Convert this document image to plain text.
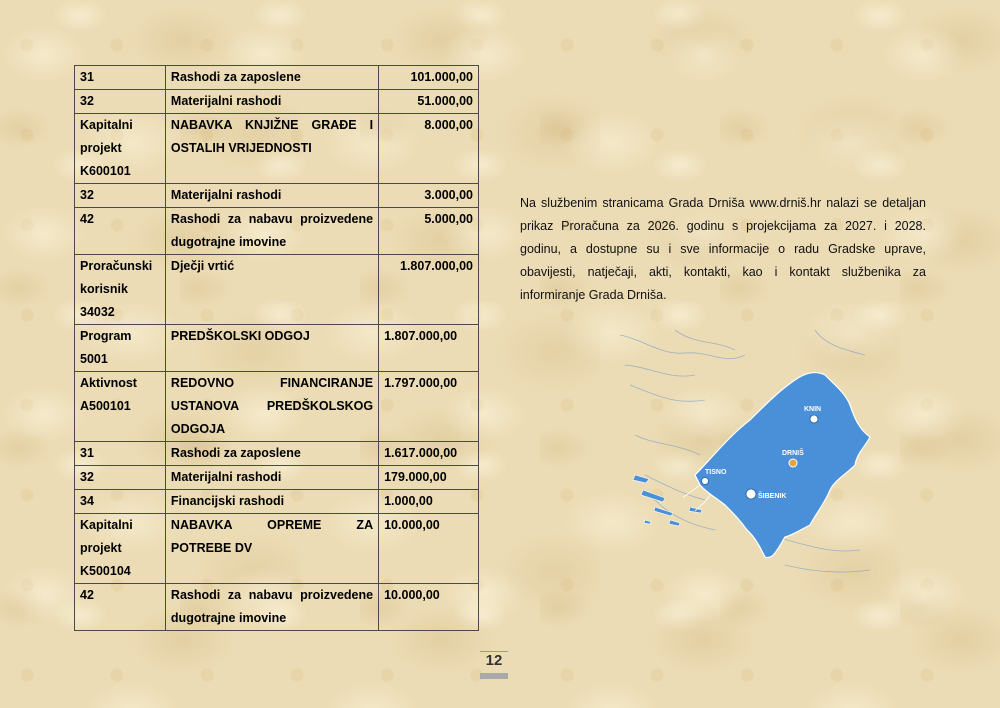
31	Rashodi za zaposlene	101.000,00
32	Materijalni rashodi	51.000,00
Kapitalni projekt K600101	NABAVKA KNJIŽNE GRAĐE I OSTALIH VRIJEDNOSTI	8.000,00
32	Materijalni rashodi	3.000,00
42	Rashodi za nabavu proizvedene dugotrajne imovine	5.000,00
Proračunski korisnik 34032	Dječji vrtić	1.807.000,00
Program 5001	PREDŠKOLSKI ODGOJ	1.807.000,00
Aktivnost A500101	REDOVNO FINANCIRANJE USTANOVA PREDŠKOLSKOG ODGOJA	1.797.000,00
31	Rashodi za zaposlene	1.617.000,00
32	Materijalni rashodi	179.000,00
34	Financijski rashodi	1.000,00
Kapitalni projekt K500104	NABAVKA OPREME ZA POTREBE DV	10.000,00
42	Rashodi za nabavu proizvedene dugotrajne imovine	10.000,00
Na službenim stranicama Grada Drniša www.drniš.hr nalazi se detaljan prikaz Proračuna za 2026. godinu s projekcijama za 2027. i 2028. godinu, a dostupne su i sve informacije o radu Gradske uprave, obavijesti, natječaji, akti, kontakti, kao i kontakt službenika za informiranje Grada Drniša.
KNIN
DRNIŠ
TISNO
ŠIBENIK
12
